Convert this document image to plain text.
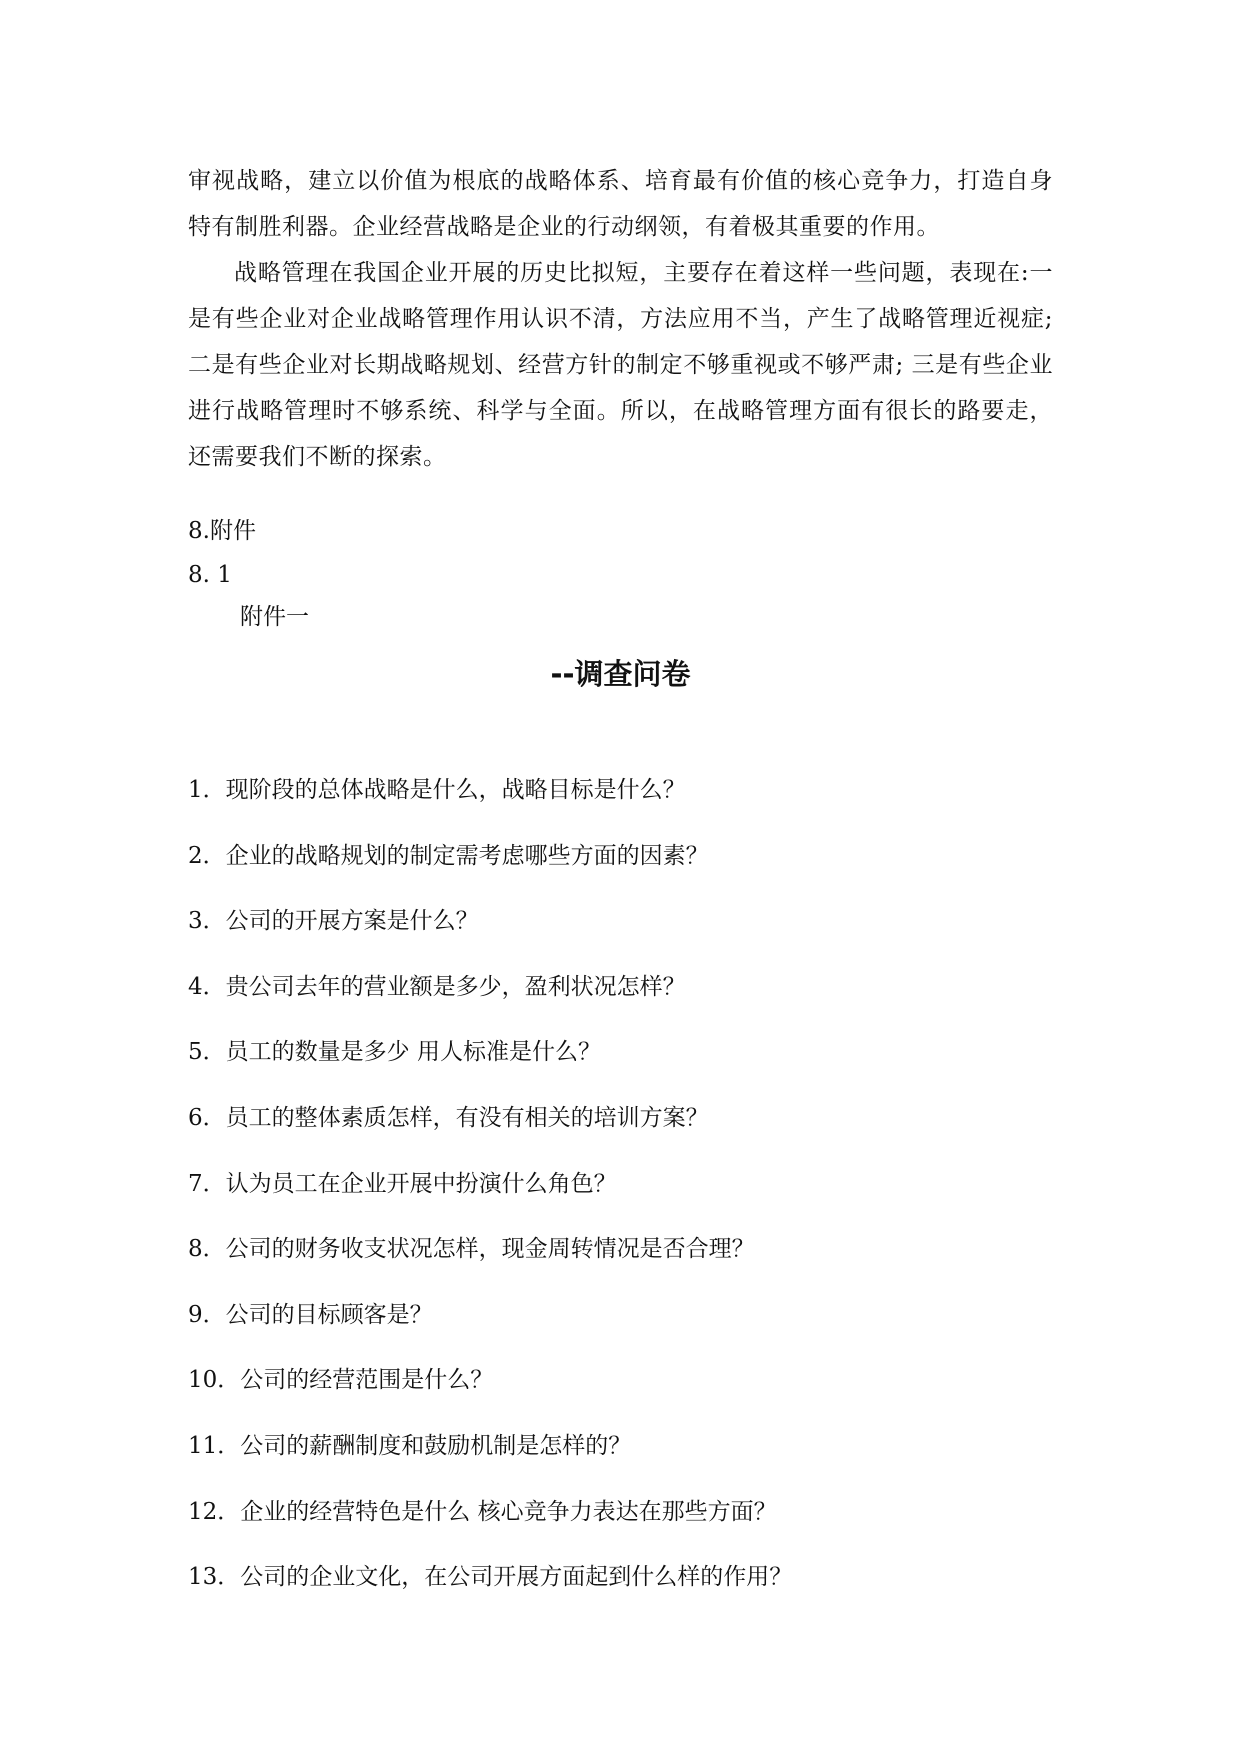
审视战略，建立以价值为根底的战略体系、培育最有价值的核心竞争力，打造自身特有制胜利器。企业经营战略是企业的行动纲领，有着极其重要的作用。

战略管理在我国企业开展的历史比拟短，主要存在着这样一些问题，表现在:一是有些企业对企业战略管理作用认识不清，方法应用不当，产生了战略管理近视症; 二是有些企业对长期战略规划、经营方针的制定不够重视或不够严肃; 三是有些企业进行战略管理时不够系统、科学与全面。所以，在战略管理方面有很长的路要走，还需要我们不断的探索。

8.附件

8. 1

附件一

--调查问卷
1．现阶段的总体战略是什么，战略目标是什么？
2．企业的战略规划的制定需考虑哪些方面的因素？
3．公司的开展方案是什么？
4．贵公司去年的营业额是多少，盈利状况怎样？
5．员工的数量是多少 用人标准是什么？
6．员工的整体素质怎样，有没有相关的培训方案？
7．认为员工在企业开展中扮演什么角色？
8．公司的财务收支状况怎样，现金周转情况是否合理？
9．公司的目标顾客是？
10．公司的经营范围是什么？
11．公司的薪酬制度和鼓励机制是怎样的？
12．企业的经营特色是什么 核心竞争力表达在那些方面？
13．公司的企业文化，在公司开展方面起到什么样的作用？
